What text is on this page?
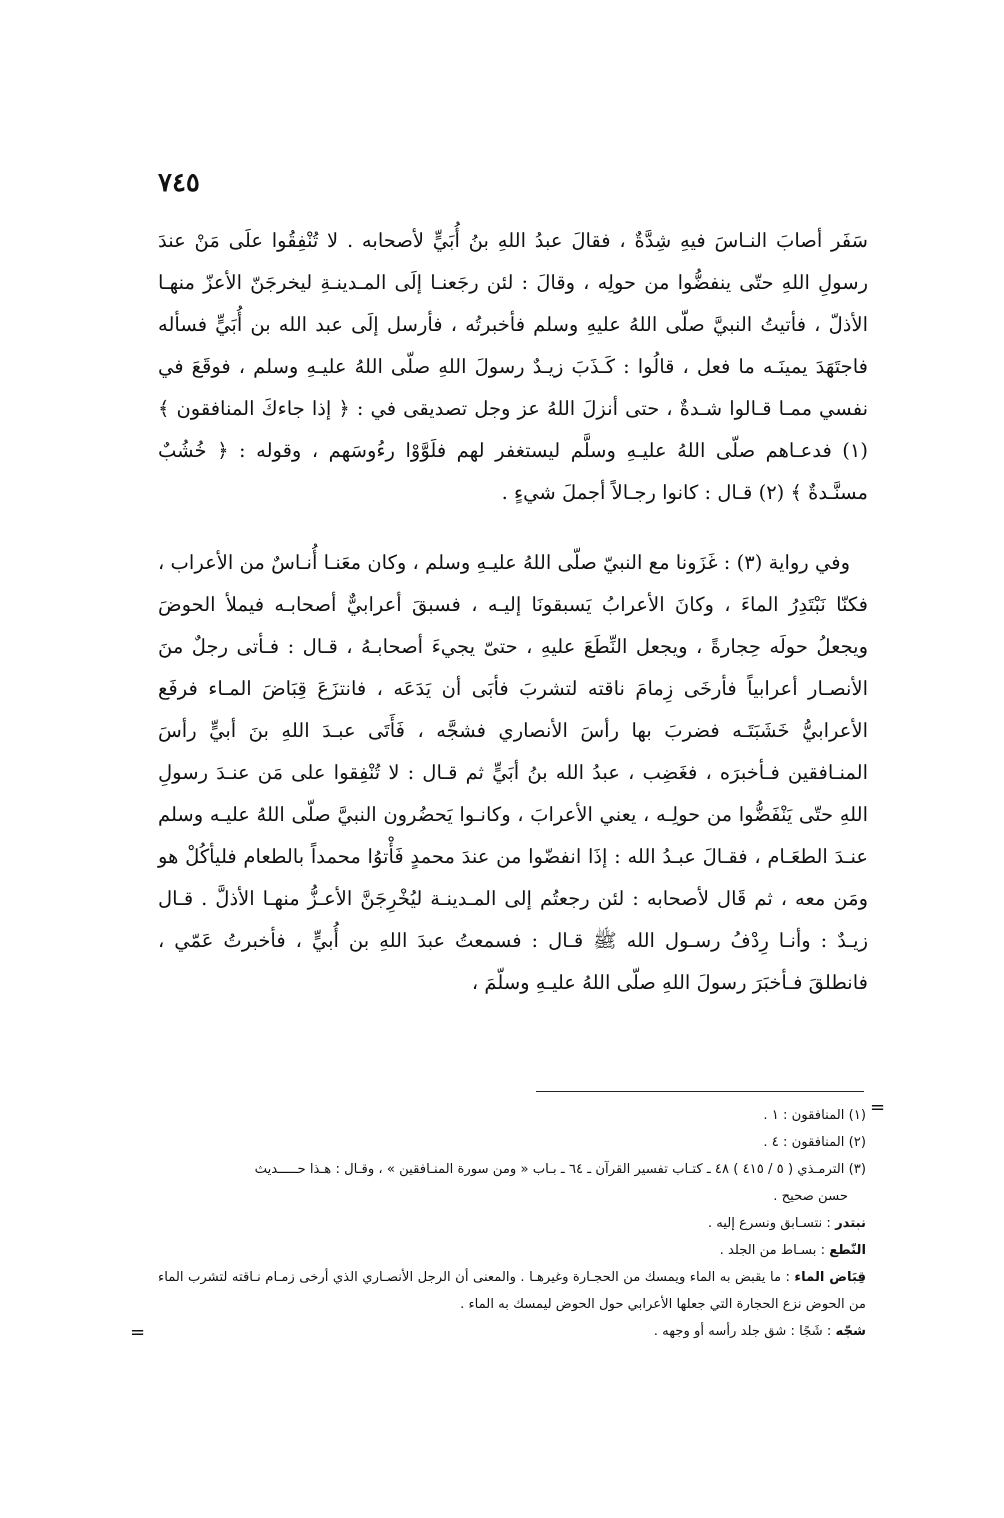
٧٤٥

سَفَر أصابَ النـاسَ فيهِ شِدَّةٌ ، فقالَ عبدُ اللهِ بنُ أُبَيٍّ لأصحابه . لا تُنْفِقُوا علَى مَنْ عندَ رسولِ اللهِ حتّى ينفضُّوا من حولِه ، وقالَ : لئن رجَعنـا إلَى المـدينـةِ ليخرجَنّ الأعزّ منهـا الأذلّ ، فأتيتُ النبيَّ صلّى اللهُ عليهِ وسلم فأخبرتُه ، فأرسل إلَى عبد الله بن أُبَيٍّ فسأله فاجتَهَدَ يمينَـه ما فعل ، قالُوا : كَـذَبَ زيـدٌ رسولَ اللهِ صلّى اللهُ عليـهِ وسلم ، فوقَعَ في نفسي ممـا قـالوا شـدةٌ ، حتى أنزلَ اللهُ عز وجل تصديقى في : ﴿ إذا جاءكَ المنافقون ﴾ (١) فدعـاهم صلّى اللهُ عليـهِ وسلَّم ليستغفر لهم فلَوَّوْا رءُوسَهم ، وقوله : ﴿ خُشُبٌ مسنَّـدةٌ ﴾ (٢) قـال : كانوا رجـالاً أجملَ شيءٍ .

وفي رواية (٣) : غَزَونا مع النبيّ صلّى اللهُ عليـهِ وسلم ، وكان معَنـا أُنـاسٌ من الأعراب ، فكنّا نَبْتَدِرُ الماءَ ، وكانَ الأعرابُ يَسبقونَا إليـه ، فسبقَ أعرابيٌّ أصحابـه فيملأ الحوضَ ويجعلُ حولَه حِجارةً ، ويجعل النِّطَعَ عليهِ ، حتىّ يجيءَ أصحابـهُ ، قـال : فـأتى رجلٌ منَ الأنصـار أعرابياً فأرخَى زِمامَ ناقته لتشربَ فأبَى أن يَدَعَه ، فانتزَعَ قِبَاضَ المـاء فرفَع الأعرابيُّ خَشَبَتَـه فضربَ بها رأسَ الأنصاري فشجَّه ، فَأَتَى عبـدَ اللهِ بنَ أبيٍّ رأسَ المنـافقين فـأخبرَه ، فغَضِب ، عبدُ الله بنُ أبَيٍّ ثم قـال : لا تُنْفِقوا على مَن عنـدَ رسولِ اللهِ حتّى يَنْفَضُّوا من حولِـه ، يعني الأعرابَ ، وكانـوا يَحضُرون النبيَّ صلّى اللهُ عليـه وسلم عنـدَ الطعَـام ، فقـالَ عبـدُ الله : إذَا انفضّوا من عندَ محمدٍ فَأْتوُا محمداً بالطعام فليأكُلْ هو ومَن معه ، ثم قَال لأصحابه : لئن رجعتُم إلى المـدينـة ليُخْرِجَنَّ الأعـزُّ منهـا الأذلَّ . قـال زيـدٌ : وأنـا رِدْفُ رسـول الله ﷺ قـال : فسمعتُ عبدَ اللهِ بن أُبيٍّ ، فأخبرتُ عَمّي ، فانطلقَ فـأخبَرَ رسولَ اللهِ صلّى اللهُ عليـهِ وسلّمَ ،

=

(١) المنافقون : ١ .

(٢) المنافقون : ٤ .

(٣) الترمـذي ( ٥ / ٤١٥ ) ٤٨ ـ كتـاب تفسير القرآن ـ ٦٤ ـ بـاب « ومن سورة المنـافقين » ، وقـال : هـذا حـــــديث

حسن صحيح .

نبتدر : نتسـابق ونسرع إليه .

النّطع : بسـاط من الجلد .

قِبَاض الماء : ما يقبض به الماء ويمسك من الحجـارة وغيرهـا . والمعنى أن الرجل الأنصـاري الذي أرخى زمـام نـاقته لتشرب الماء من الحوض نزع الحجارة التي جعلها الأعرابي حول الحوض ليمسك به الماء .

شجّه : شَجًا : شق جلد رأسه أو وجهه .

=
